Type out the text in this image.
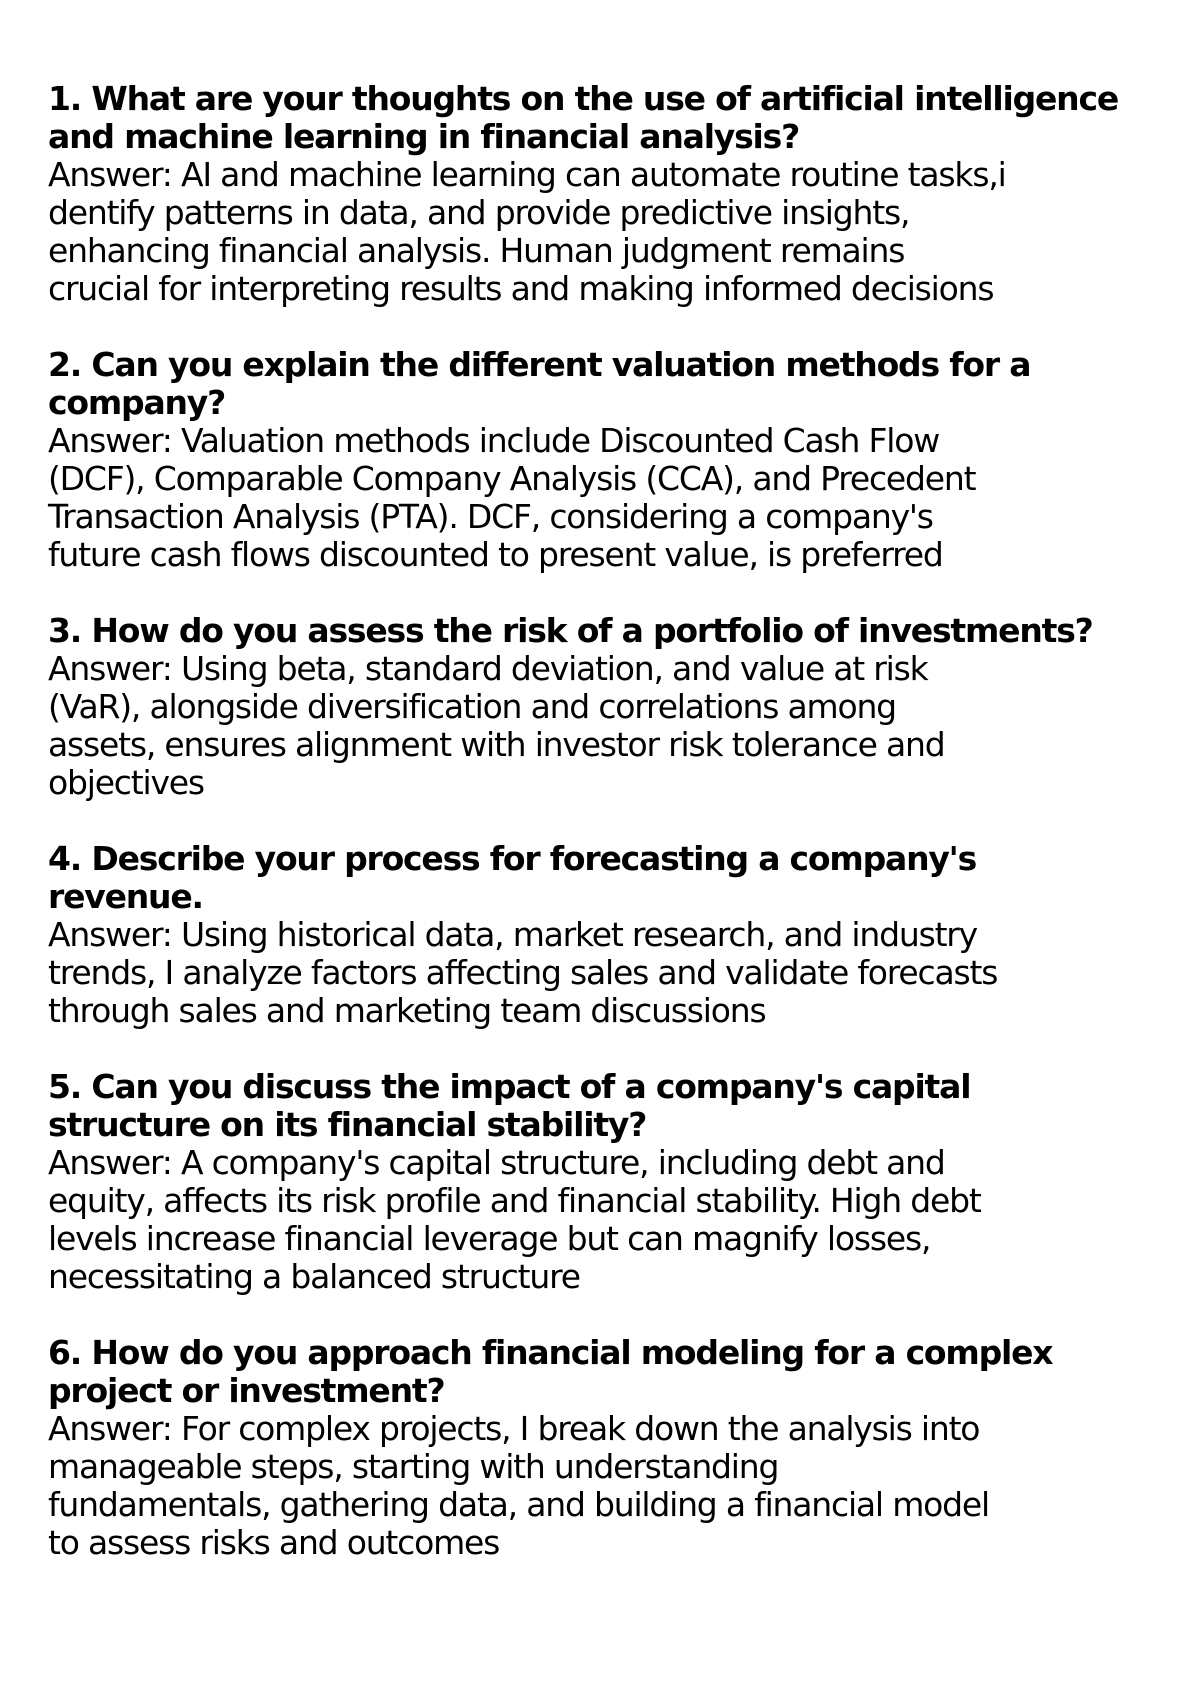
1. What are your thoughts on the use of artificial intelligence
and machine learning in financial analysis?

Answer: AI and machine learning can automate routine tasks,i
dentify patterns in data, and provide predictive insights,
enhancing financial analysis. Human judgment remains
crucial for interpreting results and making informed decisions

2. Can you explain the different valuation methods for a
company?

Answer: Valuation methods include Discounted Cash Flow
(DCF), Comparable Company Analysis (CCA), and Precedent
Transaction Analysis (PTA). DCF, considering a company's
future cash flows discounted to present value, is preferred

3. How do you assess the risk of a portfolio of investments?

Answer: Using beta, standard deviation, and value at risk
(VaR), alongside diversification and correlations among
assets, ensures alignment with investor risk tolerance and
objectives

4. Describe your process for forecasting a company's
revenue.

Answer: Using historical data, market research, and industry
trends, I analyze factors affecting sales and validate forecasts
through sales and marketing team discussions

5. Can you discuss the impact of a company's capital
structure on its financial stability?

Answer: A company's capital structure, including debt and
equity, affects its risk profile and financial stability. High debt
levels increase financial leverage but can magnify losses,
necessitating a balanced structure

6. How do you approach financial modeling for a complex
project or investment?

Answer: For complex projects, I break down the analysis into
manageable steps, starting with understanding
fundamentals, gathering data, and building a financial model
to assess risks and outcomes
